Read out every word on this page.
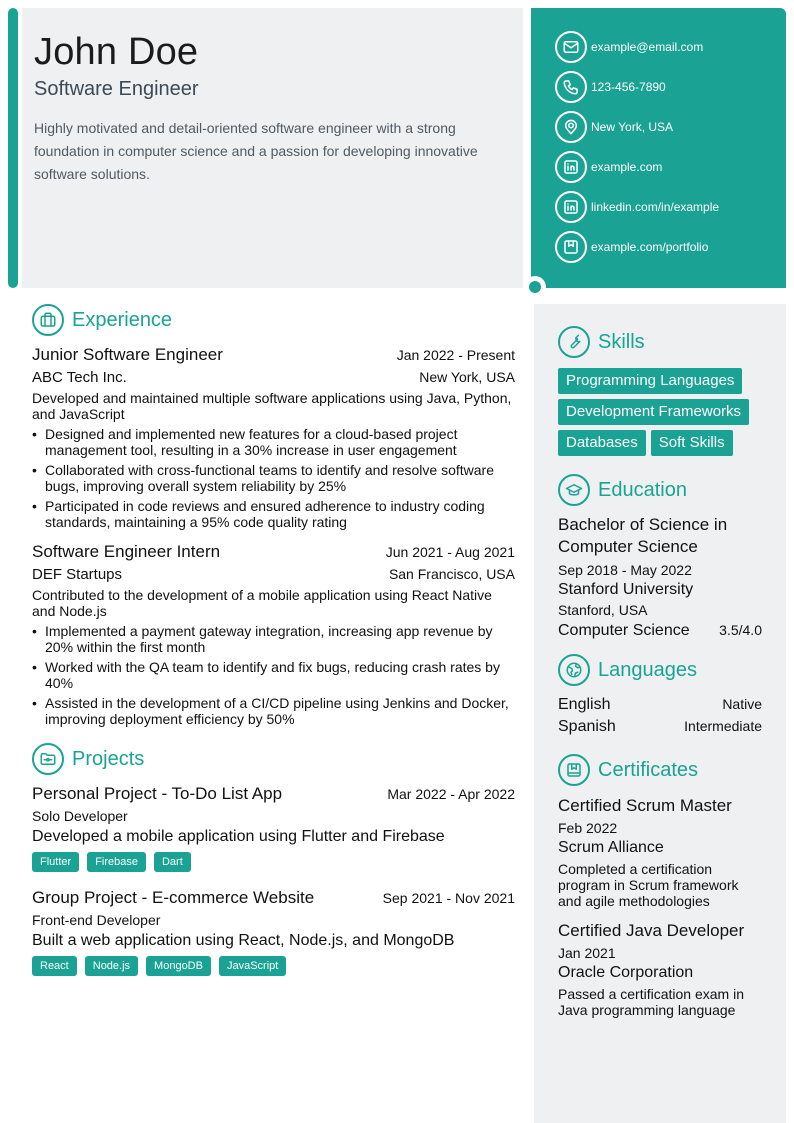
John Doe
Software Engineer
Highly motivated and detail-oriented software engineer with a strong foundation in computer science and a passion for developing innovative software solutions.
example@email.com
123-456-7890
New York, USA
example.com
linkedin.com/in/example
example.com/portfolio
Experience
Junior Software Engineer	Jan 2022 - Present
ABC Tech Inc.	New York, USA
Developed and maintained multiple software applications using Java, Python, and JavaScript
• Designed and implemented new features for a cloud-based project management tool, resulting in a 30% increase in user engagement
• Collaborated with cross-functional teams to identify and resolve software bugs, improving overall system reliability by 25%
• Participated in code reviews and ensured adherence to industry coding standards, maintaining a 95% code quality rating
Software Engineer Intern	Jun 2021 - Aug 2021
DEF Startups	San Francisco, USA
Contributed to the development of a mobile application using React Native and Node.js
• Implemented a payment gateway integration, increasing app revenue by 20% within the first month
• Worked with the QA team to identify and fix bugs, reducing crash rates by 40%
• Assisted in the development of a CI/CD pipeline using Jenkins and Docker, improving deployment efficiency by 50%
Projects
Personal Project - To-Do List App	Mar 2022 - Apr 2022
Solo Developer
Developed a mobile application using Flutter and Firebase
Flutter	Firebase	Dart
Group Project - E-commerce Website	Sep 2021 - Nov 2021
Front-end Developer
Built a web application using React, Node.js, and MongoDB
React	Node.js	MongoDB	JavaScript
Skills
Programming Languages
Development Frameworks
Databases	Soft Skills
Education
Bachelor of Science in Computer Science
Sep 2018 - May 2022
Stanford University
Stanford, USA
Computer Science 3.5/4.0
Languages
English	Native
Spanish	Intermediate
Certificates
Certified Scrum Master
Feb 2022
Scrum Alliance
Completed a certification program in Scrum framework and agile methodologies
Certified Java Developer
Jan 2021
Oracle Corporation
Passed a certification exam in Java programming language
